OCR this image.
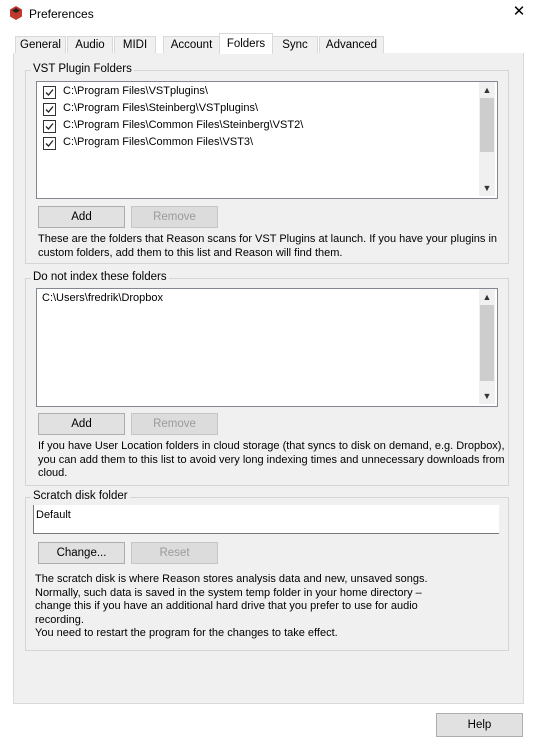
Preferences	✕
General	Audio	MIDI	Account	Folders	Sync	Advanced
VST Plugin Folders
C:\Program Files\VSTplugins\
C:\Program Files\Steinberg\VSTplugins\
C:\Program Files\Common Files\Steinberg\VST2\
C:\Program Files\Common Files\VST3\
▲
▼
Add	Remove
These are the folders that Reason scans for VST Plugins at launch. If you have your plugins in custom folders, add them to this list and Reason will find them.
Do not index these folders
C:\Users\fredrik\Dropbox	▲
▼
Add	Remove
If you have User Location folders in cloud storage (that syncs to disk on demand, e.g. Dropbox), you can add them to this list to avoid very long indexing times and unnecessary downloads from cloud.
Scratch disk folder
Default
Change...	Reset
The scratch disk is where Reason stores analysis data and new, unsaved songs.
Normally, such data is saved in the system temp folder in your home directory –
change this if you have an additional hard drive that you prefer to use for audio
recording.
You need to restart the program for the changes to take effect.
Help
